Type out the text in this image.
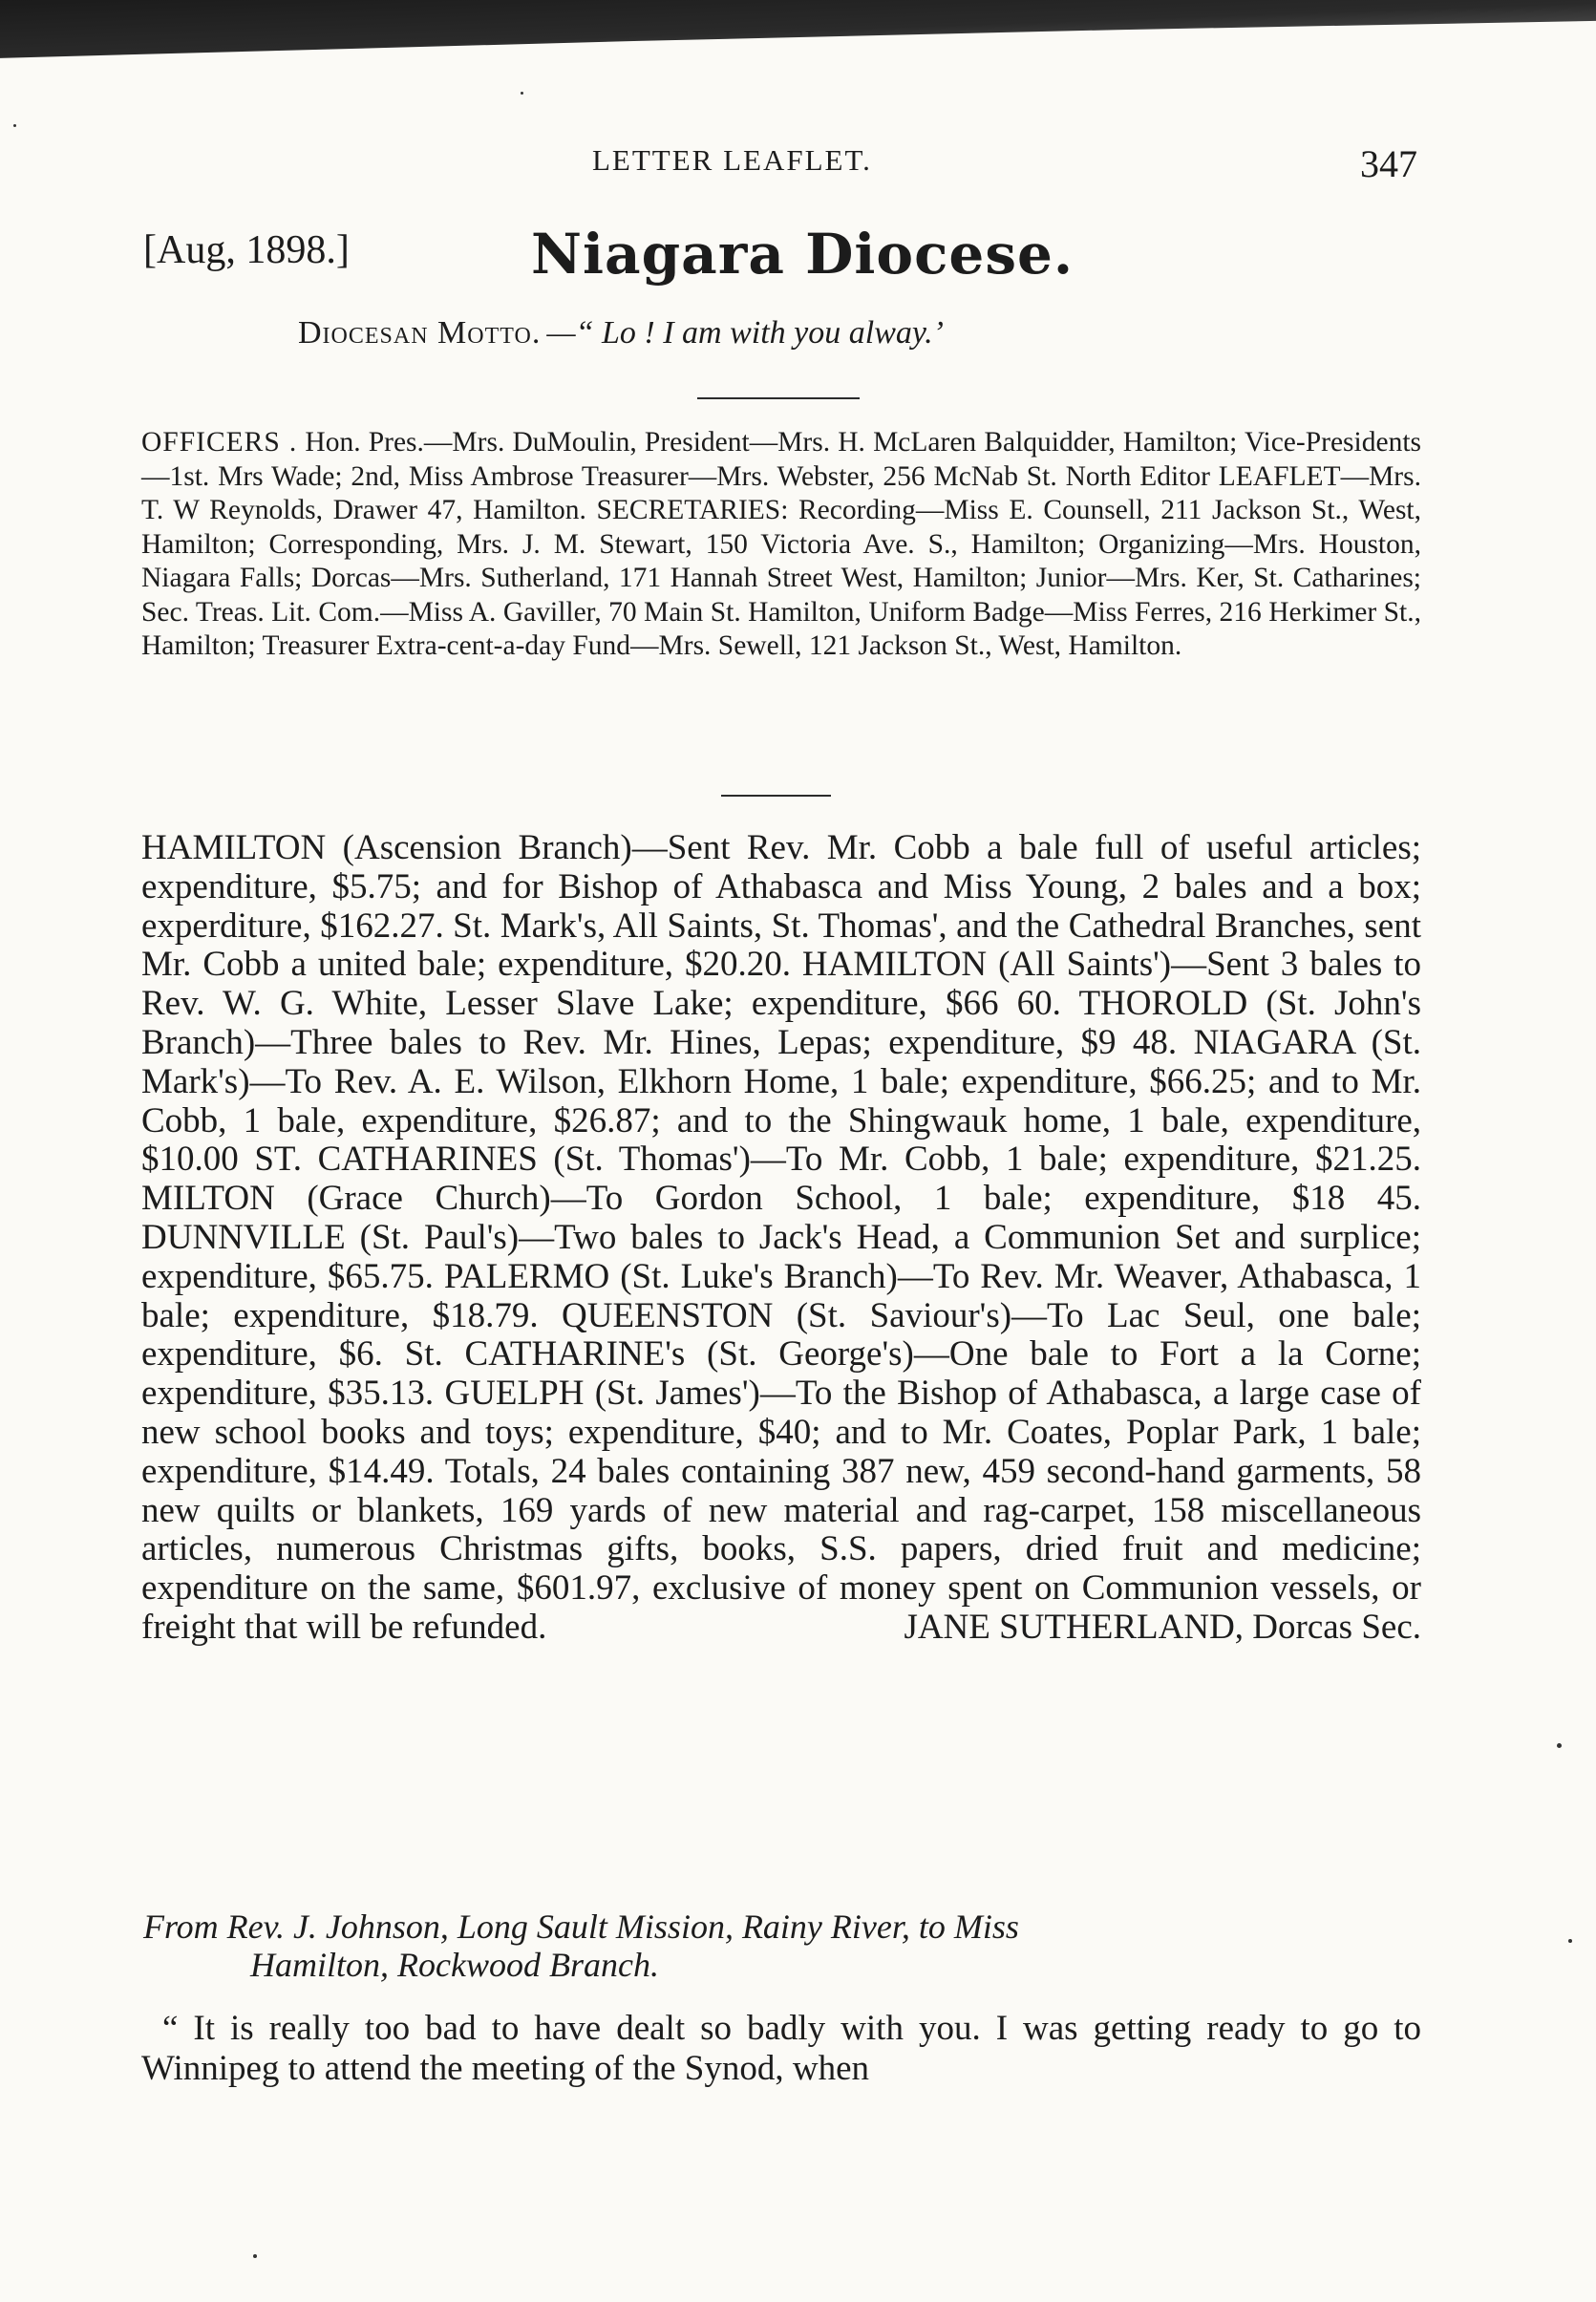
LETTER LEAFLET.	347
[Aug, 1898.]	Niagara Diocese.
Diocesan Motto. —“ Lo ! I am with you alway.’
OFFICERS . Hon. Pres.—Mrs. DuMoulin, President—Mrs. H. McLaren Balquidder, Hamilton; Vice-Presidents—1st. Mrs Wade; 2nd, Miss Ambrose Treasurer—Mrs. Webster, 256 McNab St. North Editor LEAFLET—Mrs. T. W Reynolds, Drawer 47, Hamilton. SECRETARIES: Recording—Miss E. Counsell, 211 Jackson St., West, Hamilton; Corresponding, Mrs. J. M. Stewart, 150 Victoria Ave. S., Hamilton; Organizing—Mrs. Houston, Niagara Falls; Dorcas—Mrs. Sutherland, 171 Hannah Street West, Hamilton; Junior—Mrs. Ker, St. Catharines; Sec. Treas. Lit. Com.—Miss A. Gaviller, 70 Main St. Hamilton, Uniform Badge—Miss Ferres, 216 Herkimer St., Hamilton; Treasurer Extra-cent-a-day Fund—Mrs. Sewell, 121 Jackson St., West, Hamilton.
HAMILTON (Ascension Branch)—Sent Rev. Mr. Cobb a bale full of useful articles; expenditure, $5.75; and for Bishop of Athabasca and Miss Young, 2 bales and a box; experditure, $162.27. St. Mark's, All Saints, St. Thomas', and the Cathedral Branches, sent Mr. Cobb a united bale; expenditure, $20.20. HAMILTON (All Saints')—Sent 3 bales to Rev. W. G. White, Lesser Slave Lake; expenditure, $66 60. THOROLD (St. John's Branch)—Three bales to Rev. Mr. Hines, Lepas; expenditure, $9 48. NIAGARA (St. Mark's)—To Rev. A. E. Wilson, Elkhorn Home, 1 bale; expenditure, $66.25; and to Mr. Cobb, 1 bale, expenditure, $26.87; and to the Shingwauk home, 1 bale, expenditure, $10.00 ST. CATHARINES (St. Thomas')—To Mr. Cobb, 1 bale; expenditure, $21.25. MILTON (Grace Church)—To Gordon School, 1 bale; expenditure, $18 45. DUNNVILLE (St. Paul's)—Two bales to Jack's Head, a Communion Set and surplice; expenditure, $65.75. PALERMO (St. Luke's Branch)—To Rev. Mr. Weaver, Athabasca, 1 bale; expenditure, $18.79. QUEENSTON (St. Saviour's)—To Lac Seul, one bale; expenditure, $6. St. CATHARINE's (St. George's)—One bale to Fort a la Corne; expenditure, $35.13. GUELPH (St. James')—To the Bishop of Athabasca, a large case of new school books and toys; expenditure, $40; and to Mr. Coates, Poplar Park, 1 bale; expenditure, $14.49. Totals, 24 bales containing 387 new, 459 second-hand garments, 58 new quilts or blankets, 169 yards of new material and rag-carpet, 158 miscellaneous articles, numerous Christmas gifts, books, S.S. papers, dried fruit and medicine; expenditure on the same, $601.97, exclusive of money spent on Communion vessels, or freight that will be refunded.	JANE SUTHERLAND, Dorcas Sec.
From Rev. J. Johnson, Long Sault Mission, Rainy River, to Miss
Hamilton, Rockwood Branch.
“ It is really too bad to have dealt so badly with you. I was getting ready to go to Winnipeg to attend the meeting of the Synod, when
